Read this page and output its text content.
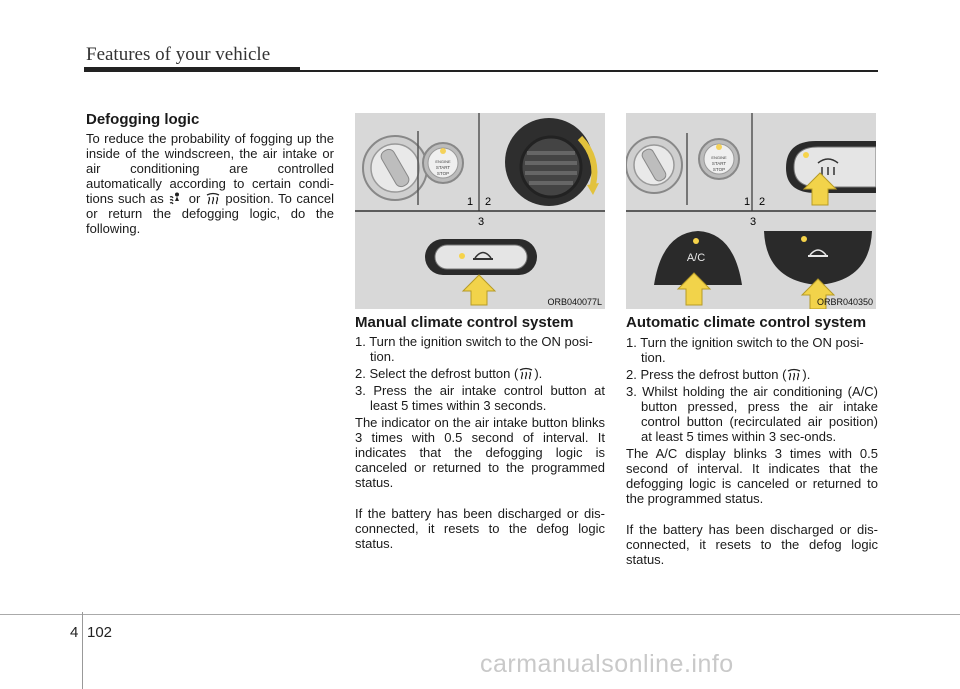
Features of your vehicle

Defogging logic

To reduce the probability of fogging up the inside of the windscreen, the air intake or air conditioning are controlled automatically according to certain condi-tions such as or position. To cancel or return the defogging logic, do the following.

ENGINE
START
STOP
1 2
3
ORB040077L
ENGINE
START
STOP
A/C
1 2
3
ORBR040350

Manual climate control system

1. Turn the ignition switch to the ON posi-tion.

2. Select the defrost button ( ).

3. Press the air intake control button at least 5 times within 3 seconds.

The indicator on the air intake button blinks 3 times with 0.5 second of interval. It indicates that the defogging logic is canceled or returned to the programmed status.

If the battery has been discharged or dis-connected, it resets to the defog logic status.

Automatic climate control system

1. Turn the ignition switch to the ON posi-tion.

2. Press the defrost button ( ).

3. Whilst holding the air conditioning (A/C) button pressed, press the air intake control button (recirculated air position) at least 5 times within 3 sec-onds.

The A/C display blinks 3 times with 0.5 second of interval. It indicates that the defogging logic is canceled or returned to the programmed status.

If the battery has been discharged or dis-connected, it resets to the defog logic status.

4 102
carmanualsonline.info
